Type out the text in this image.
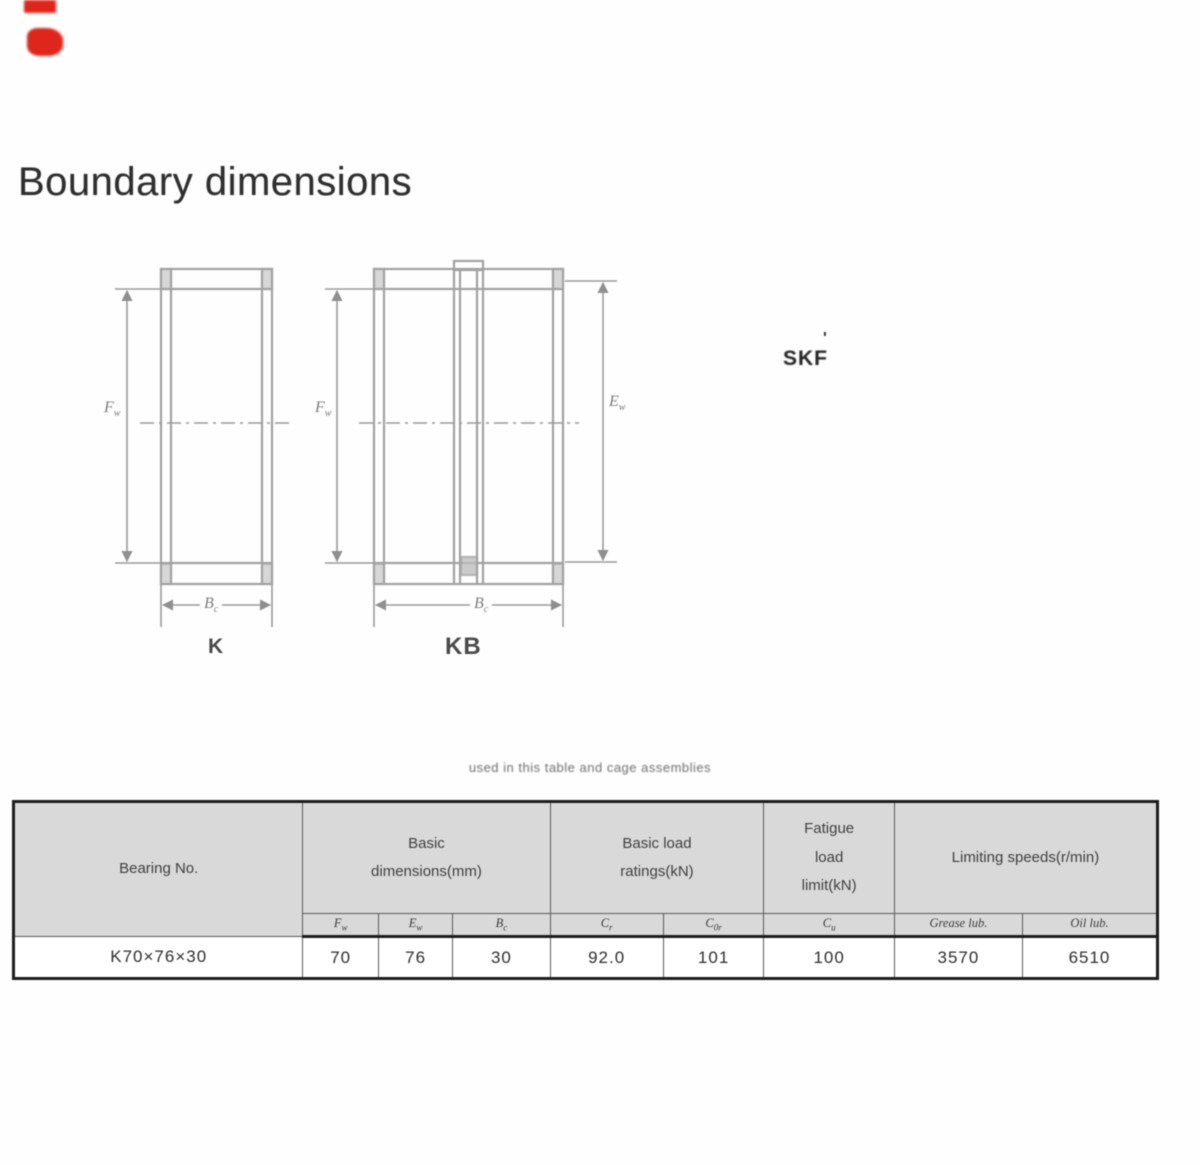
Boundary dimensions
$F_w$
$B_c$
K
$F_w$
$E_w$
$B_c$
KB
'
SKF
used in this table and cage assemblies
Bearing No.	
Basic
dimensions(mm)

Basic load
ratings(kN)

Fatigue
load
limit(kN)

Limiting speeds(r/min)

	$F_w$	$E_w$	$B_c$	$C_r$	$C_{0r}$	$C_u$	Grease lub.	Oil lub.
K70×76×30	70	76	30	92.0	101	100	3570	6510
